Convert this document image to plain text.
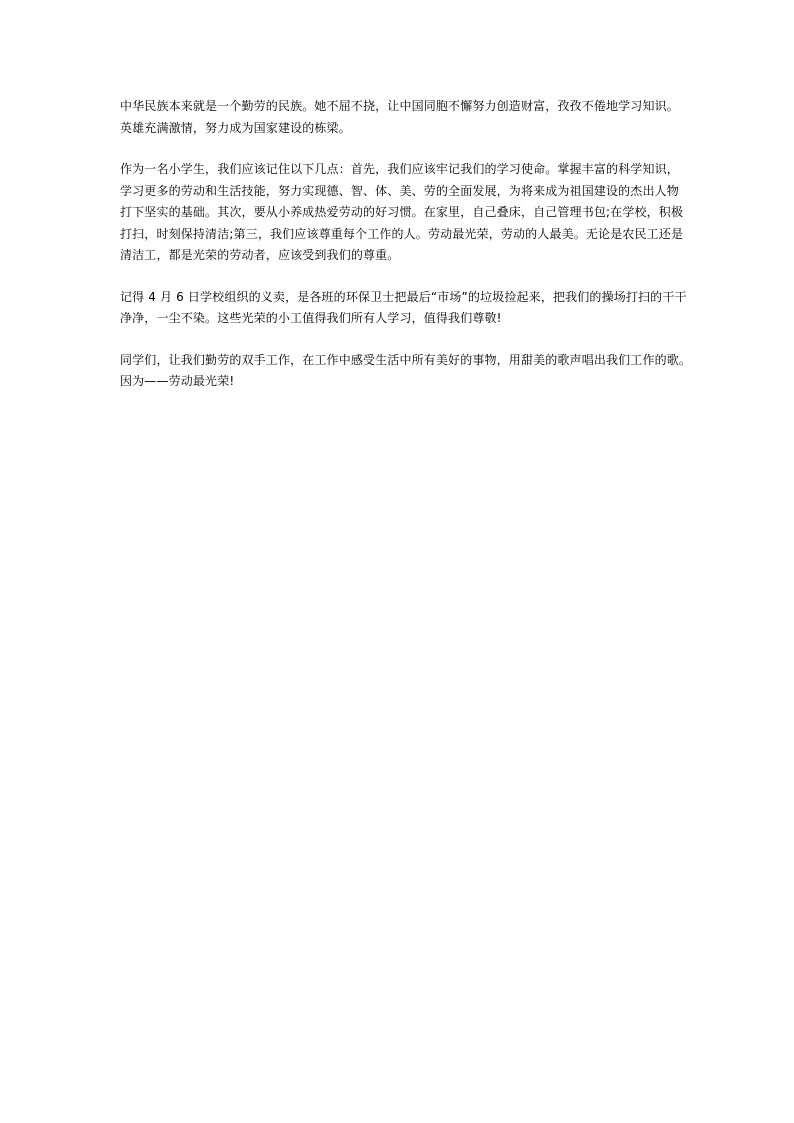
中华民族本来就是一个勤劳的民族。她不屈不挠，让中国同胞不懈努力创造财富，孜孜不倦地学习知识。
英雄充满激情，努力成为国家建设的栋梁。

作为一名小学生，我们应该记住以下几点：首先，我们应该牢记我们的学习使命。掌握丰富的科学知识，
学习更多的劳动和生活技能，努力实现德、智、体、美、劳的全面发展，为将来成为祖国建设的杰出人物
打下坚实的基础。其次，要从小养成热爱劳动的好习惯。在家里，自己叠床，自己管理书包;在学校，积极
打扫，时刻保持清洁;第三，我们应该尊重每个工作的人。劳动最光荣，劳动的人最美。无论是农民工还是
清洁工，都是光荣的劳动者，应该受到我们的尊重。

记得 4 月 6 日学校组织的义卖，是各班的环保卫士把最后“市场”的垃圾捡起来，把我们的操场打扫的干干
净净，一尘不染。这些光荣的小工值得我们所有人学习，值得我们尊敬!

同学们，让我们勤劳的双手工作，在工作中感受生活中所有美好的事物，用甜美的歌声唱出我们工作的歌。
因为——劳动最光荣!
